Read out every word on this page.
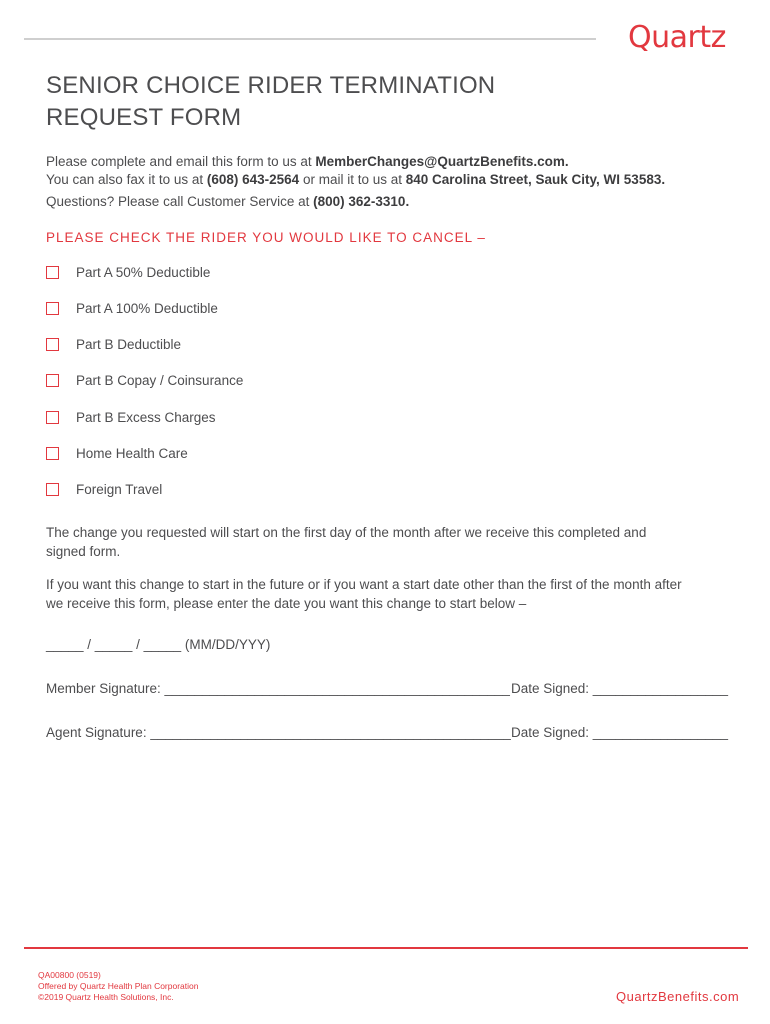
Quartz
SENIOR CHOICE RIDER TERMINATION
REQUEST FORM
Please complete and email this form to us at MemberChanges@QuartzBenefits.com.
You can also fax it to us at (608) 643-2564 or mail it to us at 840 Carolina Street, Sauk City, WI 53583.
Questions? Please call Customer Service at (800) 362-3310.
PLEASE CHECK THE RIDER YOU WOULD LIKE TO CANCEL –
Part A 50% Deductible
Part A 100% Deductible
Part B Deductible
Part B Copay / Coinsurance
Part B Excess Charges
Home Health Care
Foreign Travel
The change you requested will start on the first day of the month after we receive this completed and
signed form.
If you want this change to start in the future or if you want a start date other than the first of the month after
we receive this form, please enter the date you want this change to start below –
_____ / _____ / _____ (MM/DD/YYY)
Member Signature: ______________________________________________ Date Signed: __________________
Agent Signature: ________________________________________________ Date Signed: __________________
QA00800 (0519)
Offered by Quartz Health Plan Corporation
©2019 Quartz Health Solutions, Inc.	QuartzBenefits.com
